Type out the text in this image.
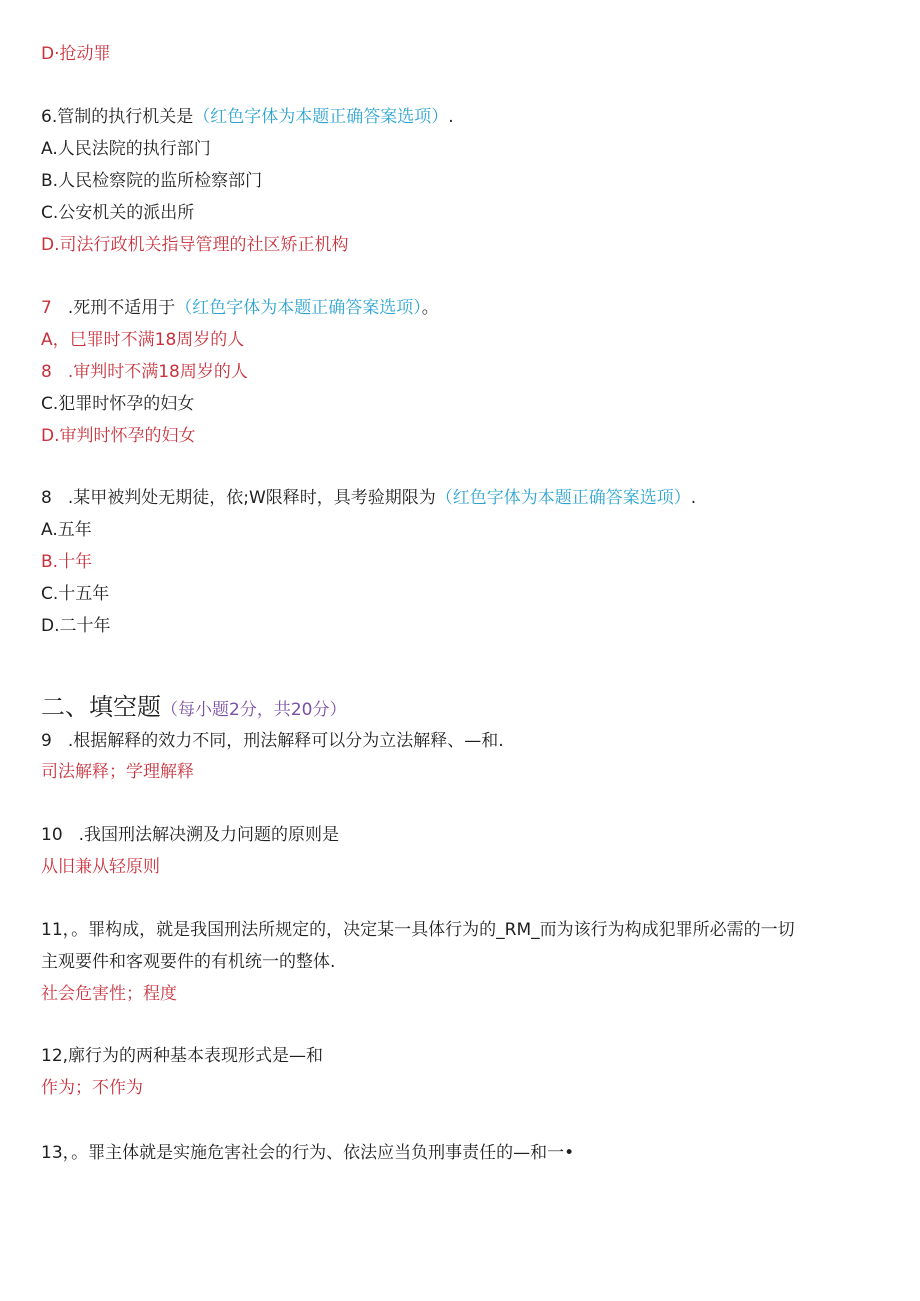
D·抢动罪
6.管制的执行机关是（红色字体为本题正确答案选项）.
A.人民法院的执行部门
B.人民检察院的监所检察部门
C.公安机关的派出所
D.司法行政机关指导管理的社区矫正机构
7 .死刑不适用于（红色字体为本题正确答案选项）。
A，巳罪时不满18周岁的人
8 .审判时不满18周岁的人
C.犯罪时怀孕的妇女
D.审判时怀孕的妇女
8 .某甲被判处无期徒，依;W限释时，具考验期限为（红色字体为本题正确答案选项）.
A.五年
B.十年
C.十五年
D.二十年
二、填空题（每小题2分，共20分）
9 .根据解释的效力不同，刑法解释可以分为立法解释、—和.
司法解释；学理解释
10 .我国刑法解决溯及力问题的原则是
从旧兼从轻原则
11，。罪构成，就是我国刑法所规定的，决定某一具体行为的_RM_而为该行为构成犯罪所必需的一切
主观要件和客观要件的有机统一的整体.
社会危害性；程度
12,廓行为的两种基本表现形式是—和
作为；不作为
13，。罪主体就是实施危害社会的行为、依法应当负刑事责任的—和一•
